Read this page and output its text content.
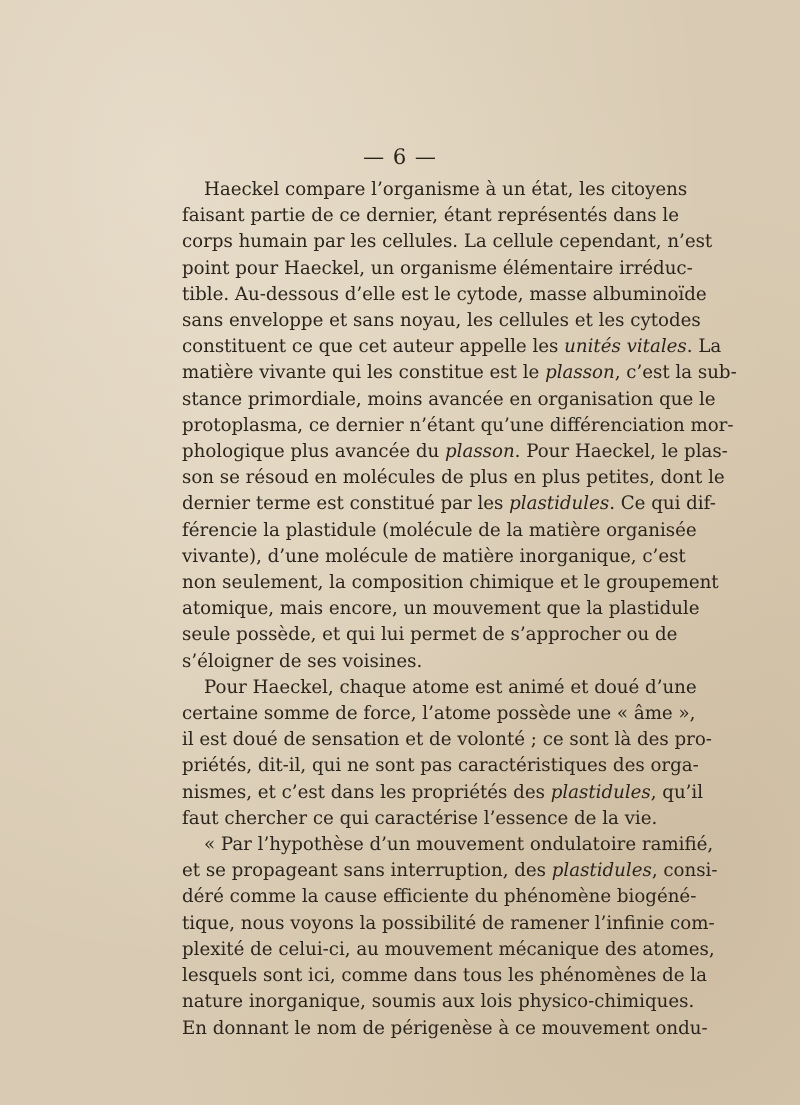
— 6 —
Haeckel compare l’organisme à un état, les citoyens
faisant partie de ce dernier, étant représentés dans le
corps humain par les cellules. La cellule cependant, n’est
point pour Haeckel, un organisme élémentaire irréduc-
tible. Au-dessous d’elle est le cytode, masse albuminoïde
sans enveloppe et sans noyau, les cellules et les cytodes
constituent ce que cet auteur appelle les unités vitales. La
matière vivante qui les constitue est le plasson, c’est la sub-
stance primordiale, moins avancée en organisation que le
protoplasma, ce dernier n’étant qu’une différenciation mor-
phologique plus avancée du plasson. Pour Haeckel, le plas-
son se résoud en molécules de plus en plus petites, dont le
dernier terme est constitué par les plastidules. Ce qui dif-
férencie la plastidule (molécule de la matière organisée
vivante), d’une molécule de matière inorganique, c’est
non seulement, la composition chimique et le groupement
atomique, mais encore, un mouvement que la plastidule
seule possède, et qui lui permet de s’approcher ou de
s’éloigner de ses voisines.
Pour Haeckel, chaque atome est animé et doué d’une
certaine somme de force, l’atome possède une « âme »,
il est doué de sensation et de volonté ; ce sont là des pro-
priétés, dit-il, qui ne sont pas caractéristiques des orga-
nismes, et c’est dans les propriétés des plastidules, qu’il
faut chercher ce qui caractérise l’essence de la vie.
« Par l’hypothèse d’un mouvement ondulatoire ramifié,
et se propageant sans interruption, des plastidules, consi-
déré comme la cause efficiente du phénomène biogéné-
tique, nous voyons la possibilité de ramener l’infinie com-
plexité de celui-ci, au mouvement mécanique des atomes,
lesquels sont ici, comme dans tous les phénomènes de la
nature inorganique, soumis aux lois physico-chimiques.
En donnant le nom de périgenèse à ce mouvement ondu-
